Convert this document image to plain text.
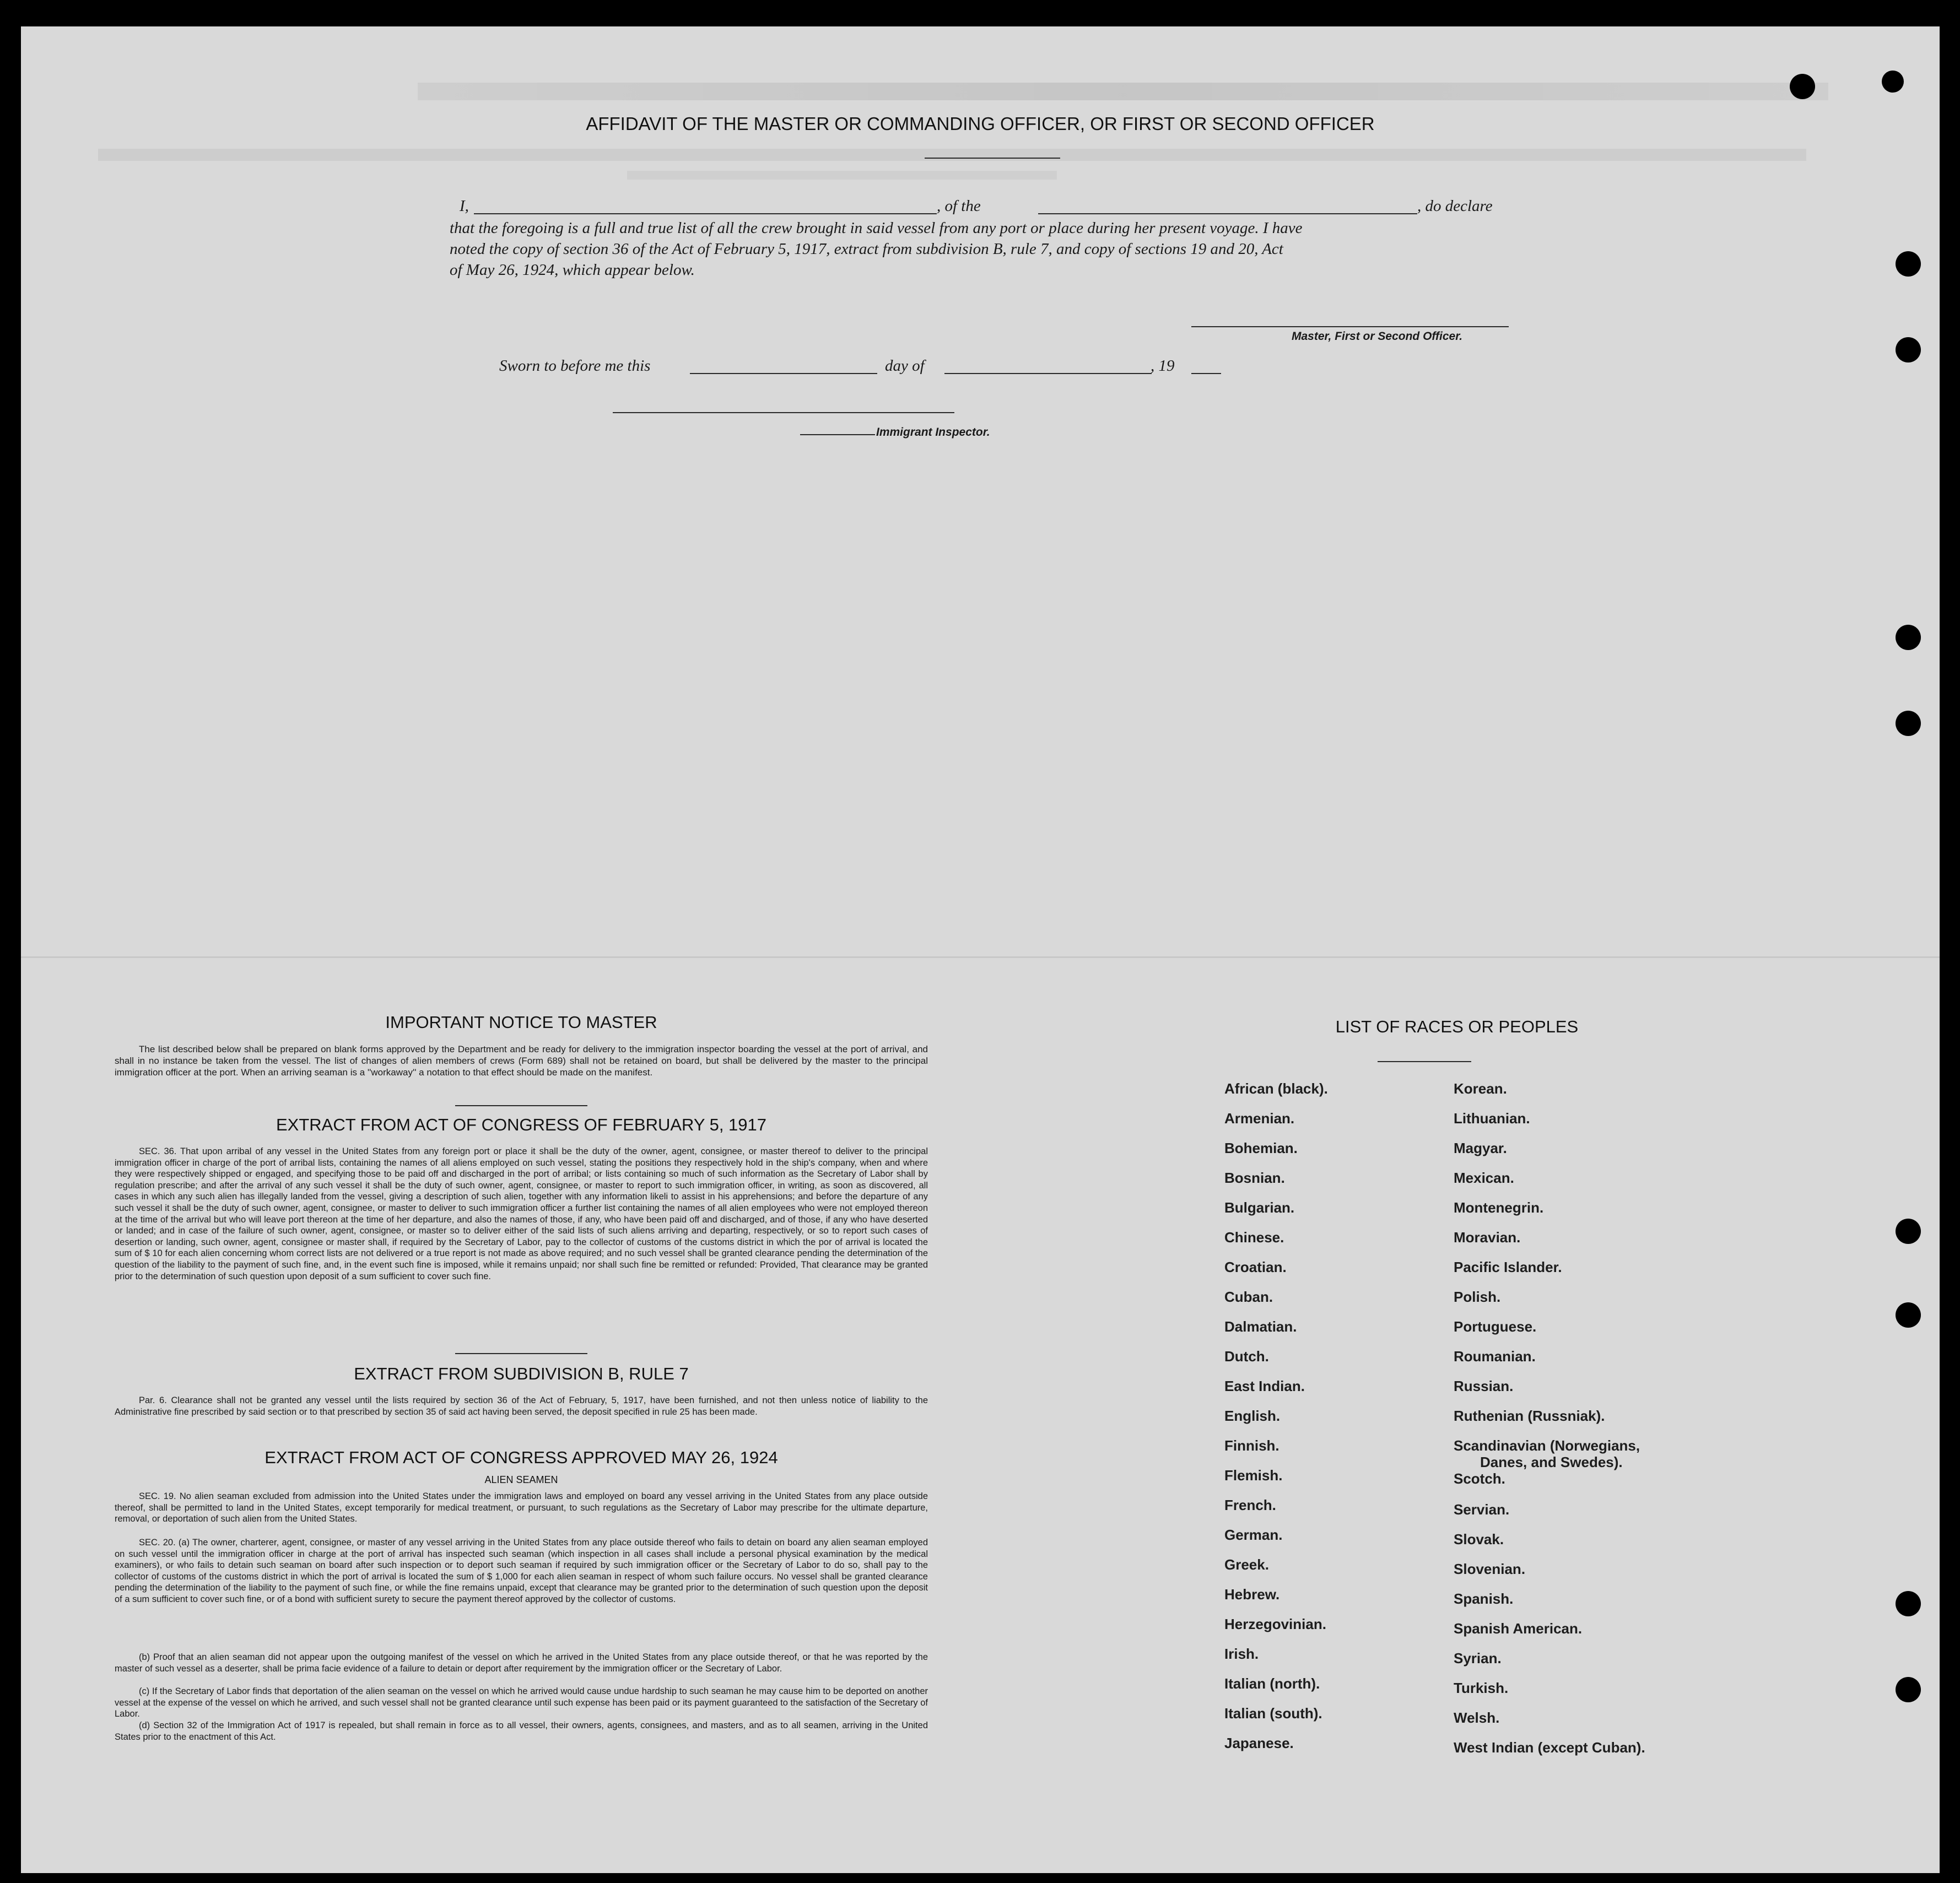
AFFIDAVIT OF THE MASTER OR COMMANDING OFFICER, OR FIRST OR SECOND OFFICER
I,	, of the	, do declare
that the foregoing is a full and true list of all the crew brought in said vessel from any port or place during her present voyage. I have
noted the copy of section 36 of the Act of February 5, 1917, extract from subdivision B, rule 7, and copy of sections 19 and 20, Act
of May 26, 1924, which appear below.
Master, First or Second Officer.
Sworn to before me this	day of	, 19
Immigrant Inspector.
IMPORTANT NOTICE TO MASTER
The list described below shall be prepared on blank forms approved by the Department and be ready for delivery to the immigration inspector boarding the vessel at the port of arrival, and shall in no instance be taken from the vessel. The list of changes of alien members of crews (Form 689) shall not be retained on board, but shall be delivered by the master to the principal immigration officer at the port. When an arriving seaman is a ''workaway'' a notation to that effect should be made on the manifest.
EXTRACT FROM ACT OF CONGRESS OF FEBRUARY 5, 1917
SEC. 36. That upon arribal of any vessel in the United States from any foreign port or place it shall be the duty of the owner, agent, consignee, or master thereof to deliver to the principal immigration officer in charge of the port of arribal lists, containing the names of all aliens employed on such vessel, stating the positions they respectively hold in the ship's company, when and where they were respectively shipped or engaged, and specifying those to be paid off and discharged in the port of arribal; or lists containing so much of such information as the Secretary of Labor shall by regulation prescribe; and after the arrival of any such vessel it shall be the duty of such owner, agent, consignee, or master to report to such immigration officer, in writing, as soon as discovered, all cases in which any such alien has illegally landed from the vessel, giving a description of such alien, together with any information likeli to assist in his apprehensions; and before the departure of any such vessel it shall be the duty of such owner, agent, consignee, or master to deliver to such immigration officer a further list containing the names of all alien employees who were not employed thereon at the time of the arrival but who will leave port thereon at the time of her departure, and also the names of those, if any, who have been paid off and discharged, and of those, if any who have deserted or landed; and in case of the failure of such owner, agent, consignee, or master so to deliver either of the said lists of such aliens arriving and departing, respectively, or so to report such cases of desertion or landing, such owner, agent, consignee or master shall, if required by the Secretary of Labor, pay to the collector of customs of the customs district in which the por of arrival is located the sum of $ 10 for each alien concerning whom correct lists are not delivered or a true report is not made as above required; and no such vessel shall be granted clearance pending the determination of the question of the liability to the payment of such fine, and, in the event such fine is imposed, while it remains unpaid; nor shall such fine be remitted or refunded: Provided, That clearance may be granted prior to the determination of such question upon deposit of a sum sufficient to cover such fine.
EXTRACT FROM SUBDIVISION B, RULE 7
Par. 6. Clearance shall not be granted any vessel until the lists required by section 36 of the Act of February, 5, 1917, have been furnished, and not then unless notice of liability to the Administrative fine prescribed by said section or to that prescribed by section 35 of said act having been served, the deposit specified in rule 25 has been made.
EXTRACT FROM ACT OF CONGRESS APPROVED MAY 26, 1924
ALIEN SEAMEN
SEC. 19. No alien seaman excluded from admission into the United States under the immigration laws and employed on board any vessel arriving in the United States from any place outside thereof, shall be permitted to land in the United States, except temporarily for medical treatment, or pursuant, to such regulations as the Secretary of Labor may prescribe for the ultimate departure, removal, or deportation of such alien from the United States.
SEC. 20. (a) The owner, charterer, agent, consignee, or master of any vessel arriving in the United States from any place outside thereof who fails to detain on board any alien seaman employed on such vessel until the immigration officer in charge at the port of arrival has inspected such seaman (which inspection in all cases shall include a personal physical examination by the medical examiners), or who fails to detain such seaman on board after such inspection or to deport such seaman if required by such immigration officer or the Secretary of Labor to do so, shall pay to the collector of customs of the customs district in which the port of arrival is located the sum of $ 1,000 for each alien seaman in respect of whom such failure occurs. No vessel shall be granted clearance pending the determination of the liability to the payment of such fine, or while the fine remains unpaid, except that clearance may be granted prior to the determination of such question upon the deposit of a sum sufficient to cover such fine, or of a bond with sufficient surety to secure the payment thereof approved by the collector of customs.
(b) Proof that an alien seaman did not appear upon the outgoing manifest of the vessel on which he arrived in the United States from any place outside thereof, or that he was reported by the master of such vessel as a deserter, shall be prima facie evidence of a failure to detain or deport after requirement by the immigration officer or the Secretary of Labor.
(c) If the Secretary of Labor finds that deportation of the alien seaman on the vessel on which he arrived would cause undue hardship to such seaman he may cause him to be deported on another vessel at the expense of the vessel on which he arrived, and such vessel shall not be granted clearance until such expense has been paid or its payment guaranteed to the satisfaction of the Secretary of Labor.
(d) Section 32 of the Immigration Act of 1917 is repealed, but shall remain in force as to all vessel, their owners, agents, consignees, and masters, and as to all seamen, arriving in the United States prior to the enactment of this Act.
LIST OF RACES OR PEOPLES
African (black).
Armenian.
Bohemian.
Bosnian.
Bulgarian.
Chinese.
Croatian.
Cuban.
Dalmatian.
Dutch.
East Indian.
English.
Finnish.
Flemish.
French.
German.
Greek.
Hebrew.
Herzegovinian.
Irish.
Italian (north).
Italian (south).
Japanese.
Korean.
Lithuanian.
Magyar.
Mexican.
Montenegrin.
Moravian.
Pacific Islander.
Polish.
Portuguese.
Roumanian.
Russian.
Ruthenian (Russniak).
Scandinavian (Norwegians,
Danes, and Swedes).
Scotch.
Servian.
Slovak.
Slovenian.
Spanish.
Spanish American.
Syrian.
Turkish.
Welsh.
West Indian (except Cuban).
